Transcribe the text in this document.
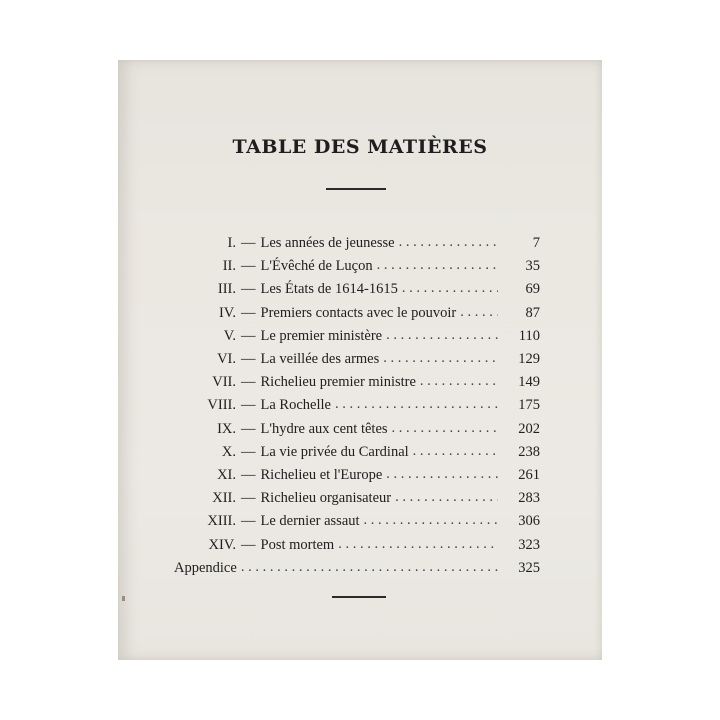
TABLE DES MATIÈRES
I. — Les années de jeunesse . . .	7
II. — L'Évêché de Luçon . . .	35
III. — Les États de 1614-1615 . . .	69
IV. — Premiers contacts avec le pouvoir . . .	87
V. — Le premier ministère . . .	110
VI. — La veillée des armes . . .	129
VII. — Richelieu premier ministre . . .	149
VIII. — La Rochelle . . .	175
IX. — L'hydre aux cent têtes . . .	202
X. — La vie privée du Cardinal . . .	238
XI. — Richelieu et l'Europe . . .	261
XII. — Richelieu organisateur . . .	283
XIII. — Le dernier assaut . . .	306
XIV. — Post mortem . . .	323
Appendice . . .	325
